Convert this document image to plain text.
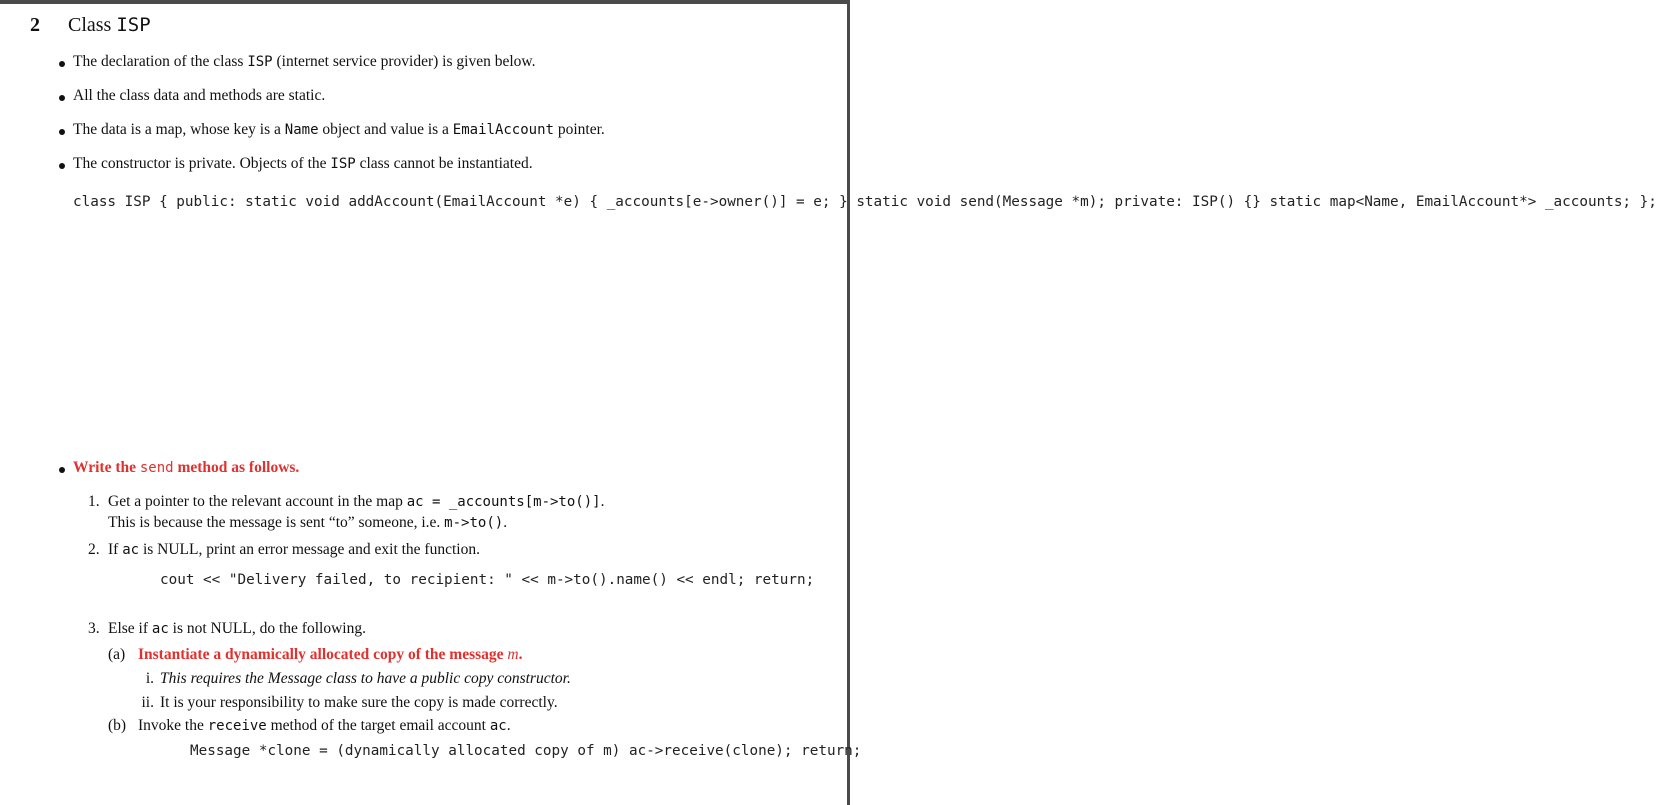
2 Class ISP
The declaration of the class ISP (internet service provider) is given below.
All the class data and methods are static.
The data is a map, whose key is a Name object and value is a EmailAccount pointer.
The constructor is private. Objects of the ISP class cannot be instantiated.
class ISP { public: static void addAccount(EmailAccount *e) { _accounts[e->owner()] = e; } static void send(Message *m); private: ISP() {} static map<Name, EmailAccount*> _accounts; };
Write the send method as follows.
1. Get a pointer to the relevant account in the map ac = _accounts[m->to()].
This is because the message is sent “to” someone, i.e. m->to().
2. If ac is NULL, print an error message and exit the function.
cout << "Delivery failed, to recipient: " << m->to().name() << endl; return;
3. Else if ac is not NULL, do the following.
(a) Instantiate a dynamically allocated copy of the message m.
i. This requires the Message class to have a public copy constructor.
ii. It is your responsibility to make sure the copy is made correctly.
(b) Invoke the receive method of the target email account ac.
Message *clone = (dynamically allocated copy of m) ac->receive(clone); return;
